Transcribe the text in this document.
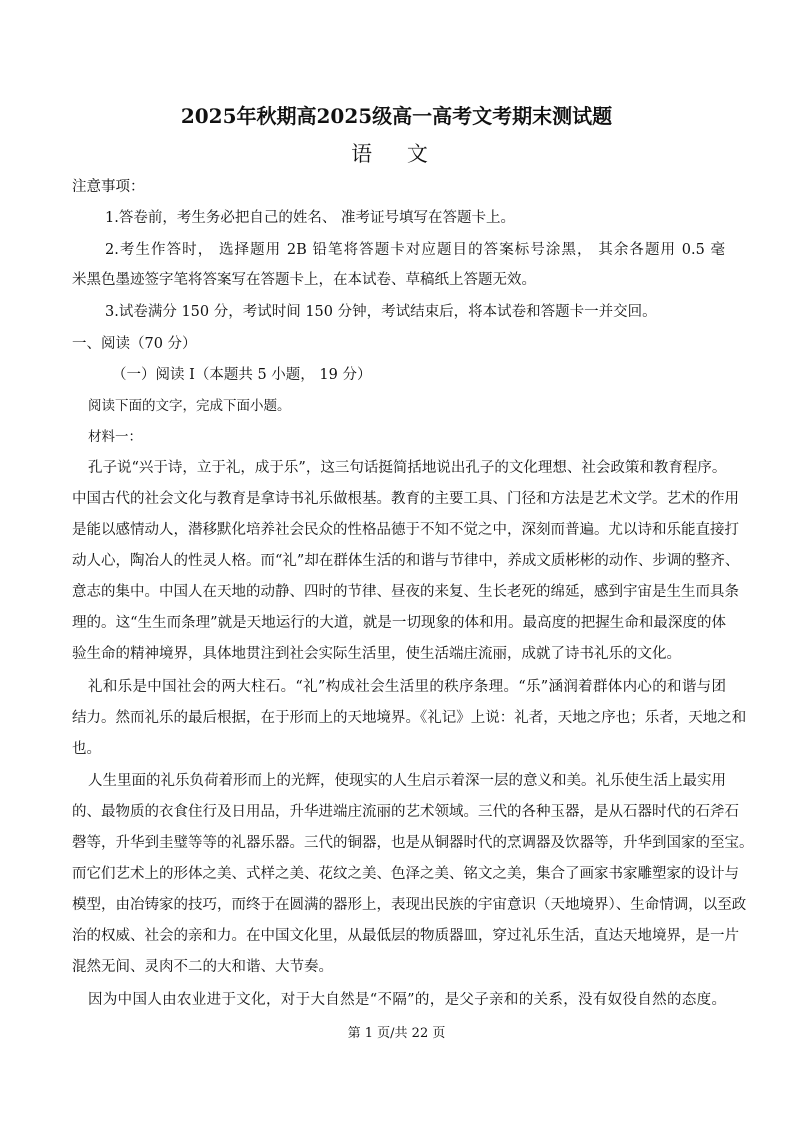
2025年秋期高2025级高一高考文考期末测试题
语 文
注意事项：
1.答卷前，考生务必把自己的姓名、 准考证号填写在答题卡上。
2.考生作答时， 选择题用 2B 铅笔将答题卡对应题目的答案标号涂黑， 其余各题用 0.5 毫
米黑色墨迹签字笔将答案写在答题卡上，在本试卷、草稿纸上答题无效。
3.试卷满分 150 分，考试时间 150 分钟，考试结束后，将本试卷和答题卡一并交回。
一、阅读（70 分）
（一）阅读 I（本题共 5 小题， 19 分）
阅读下面的文字，完成下面小题。
材料一：
孔子说“兴于诗，立于礼，成于乐”，这三句话挺简括地说出孔子的文化理想、社会政策和教育程序。
中国古代的社会文化与教育是拿诗书礼乐做根基。教育的主要工具、门径和方法是艺术文学。艺术的作用
是能以感情动人，潜移默化培养社会民众的性格品德于不知不觉之中，深刻而普遍。尤以诗和乐能直接打
动人心，陶冶人的性灵人格。而“礼”却在群体生活的和谐与节律中，养成文质彬彬的动作、步调的整齐、
意志的集中。中国人在天地的动静、四时的节律、昼夜的来复、生长老死的绵延，感到宇宙是生生而具条
理的。这“生生而条理”就是天地运行的大道，就是一切现象的体和用。最高度的把握生命和最深度的体
验生命的精神境界，具体地贯注到社会实际生活里，使生活端庄流丽，成就了诗书礼乐的文化。
礼和乐是中国社会的两大柱石。“礼”构成社会生活里的秩序条理。“乐”涵润着群体内心的和谐与团
结力。然而礼乐的最后根据，在于形而上的天地境界。《礼记》上说：礼者，天地之序也；乐者，天地之和
也。
人生里面的礼乐负荷着形而上的光辉，使现实的人生启示着深一层的意义和美。礼乐使生活上最实用
的、最物质的衣食住行及日用品，升华进端庄流丽的艺术领域。三代的各种玉器，是从石器时代的石斧石
磬等，升华到圭璧等等的礼器乐器。三代的铜器，也是从铜器时代的烹调器及饮器等，升华到国家的至宝。
而它们艺术上的形体之美、式样之美、花纹之美、色泽之美、铭文之美，集合了画家书家雕塑家的设计与
模型，由冶铸家的技巧，而终于在圆满的器形上，表现出民族的宇宙意识（天地境界）、生命情调，以至政
治的权威、社会的亲和力。在中国文化里，从最低层的物质器皿，穿过礼乐生活，直达天地境界，是一片
混然无间、灵肉不二的大和谐、大节奏。
因为中国人由农业进于文化，对于大自然是“不隔”的，是父子亲和的关系，没有奴役自然的态度。
第 1 页/共 22 页
